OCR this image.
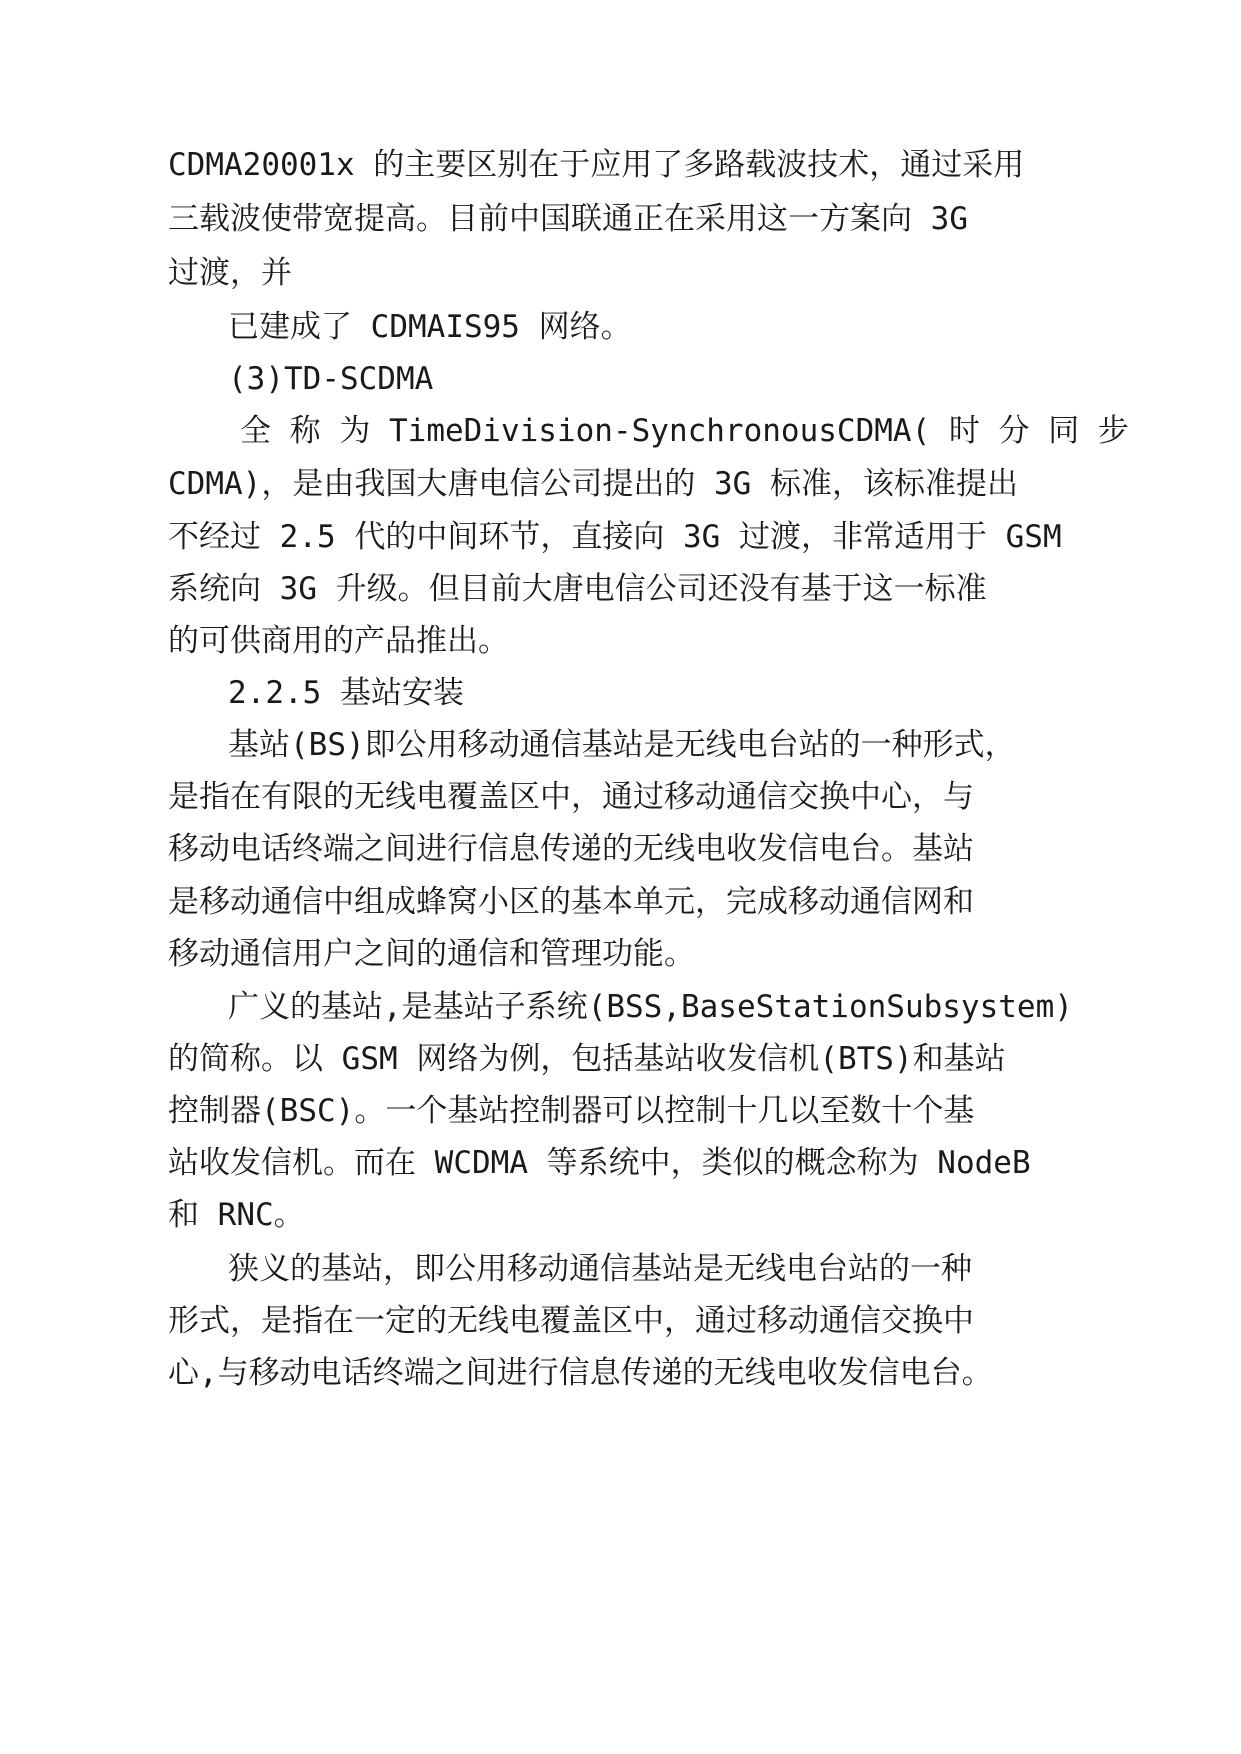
CDMA20001x 的主要区别在于应用了多路载波技术，通过采用
三载波使带宽提高。目前中国联通正在采用这一方案向 3G
过渡，并
已建成了 CDMAIS95 网络。
(3)TD-SCDMA
全 称 为 TimeDivision-SynchronousCDMA( 时 分 同 步
CDMA)，是由我国大唐电信公司提出的 3G 标准，该标准提出
不经过 2.5 代的中间环节，直接向 3G 过渡，非常适用于 GSM
系统向 3G 升级。但目前大唐电信公司还没有基于这一标准
的可供商用的产品推出。
2.2.5 基站安装
基站(BS)即公用移动通信基站是无线电台站的一种形式，
是指在有限的无线电覆盖区中，通过移动通信交换中心，与
移动电话终端之间进行信息传递的无线电收发信电台。基站
是移动通信中组成蜂窝小区的基本单元，完成移动通信网和
移动通信用户之间的通信和管理功能。
广义的基站,是基站子系统(BSS,BaseStationSubsystem)
的简称。以 GSM 网络为例，包括基站收发信机(BTS)和基站
控制器(BSC)。一个基站控制器可以控制十几以至数十个基
站收发信机。而在 WCDMA 等系统中，类似的概念称为 NodeB
和 RNC。
狭义的基站，即公用移动通信基站是无线电台站的一种
形式，是指在一定的无线电覆盖区中，通过移动通信交换中
心,与移动电话终端之间进行信息传递的无线电收发信电台。
